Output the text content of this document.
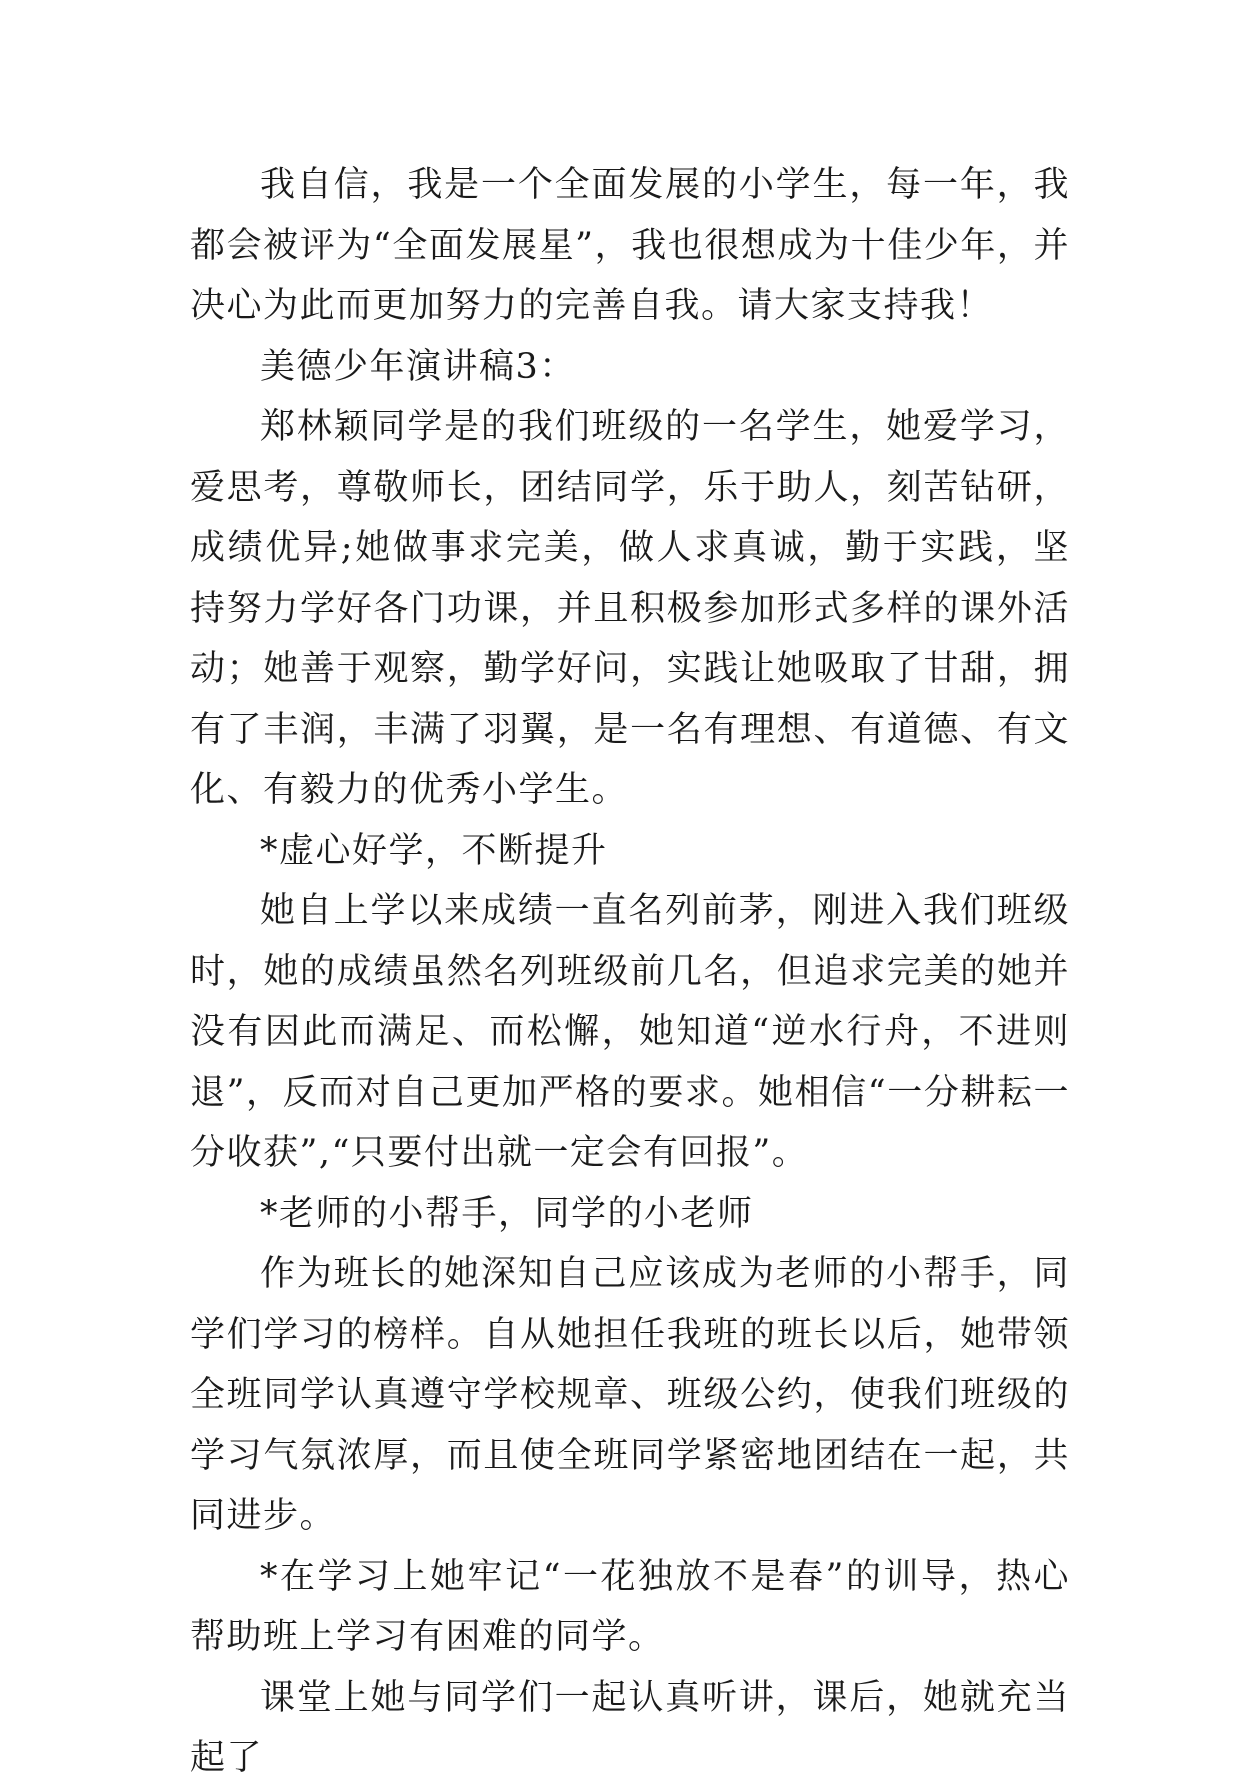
我自信，我是一个全面发展的小学生，每一年，我都会被评为“全面发展星”，我也很想成为十佳少年，并决心为此而更加努力的完善自我。请大家支持我！

美德少年演讲稿3：

郑林颖同学是的我们班级的一名学生，她爱学习，爱思考，尊敬师长，团结同学，乐于助人，刻苦钻研，成绩优异;她做事求完美，做人求真诚，勤于实践，坚持努力学好各门功课，并且积极参加形式多样的课外活动；她善于观察，勤学好问，实践让她吸取了甘甜，拥有了丰润，丰满了羽翼，是一名有理想、有道德、有文化、有毅力的优秀小学生。

*虚心好学，不断提升

她自上学以来成绩一直名列前茅，刚进入我们班级时，她的成绩虽然名列班级前几名，但追求完美的她并没有因此而满足、而松懈，她知道“逆水行舟，不进则退”，反而对自己更加严格的要求。她相信“一分耕耘一分收获”,“只要付出就一定会有回报”。

*老师的小帮手，同学的小老师

作为班长的她深知自己应该成为老师的小帮手，同学们学习的榜样。自从她担任我班的班长以后，她带领全班同学认真遵守学校规章、班级公约，使我们班级的学习气氛浓厚，而且使全班同学紧密地团结在一起，共同进步。

*在学习上她牢记“一花独放不是春”的训导，热心帮助班上学习有困难的同学。

课堂上她与同学们一起认真听讲，课后，她就充当起了
